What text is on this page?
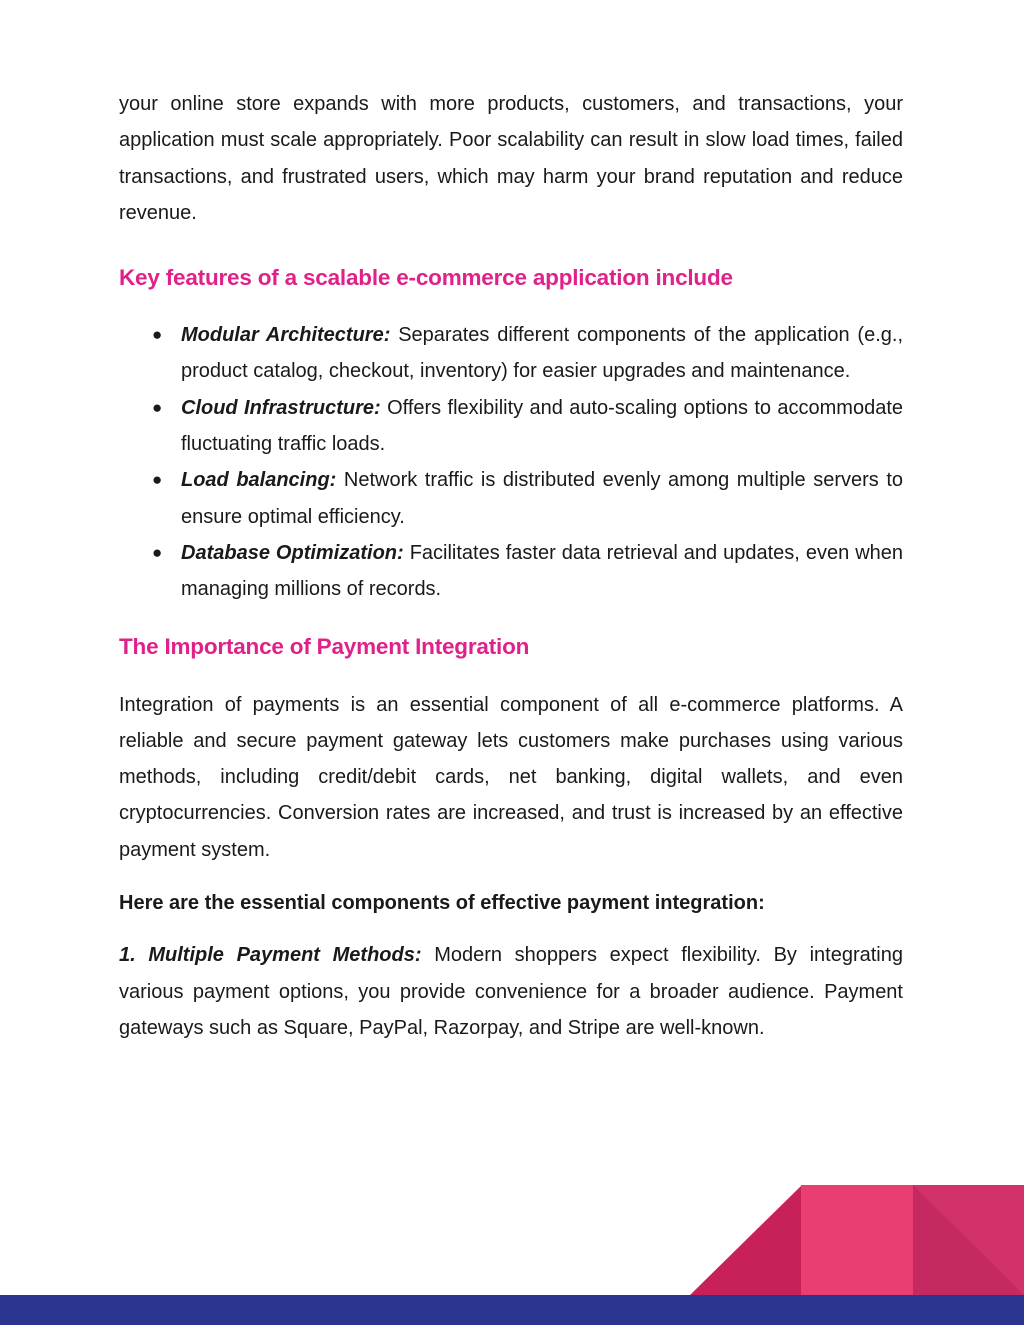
your online store expands with more products, customers, and transactions, your application must scale appropriately. Poor scalability can result in slow load times, failed transactions, and frustrated users, which may harm your brand reputation and reduce revenue.

Key features of a scalable e-commerce application include
● Modular Architecture: Separates different components of the application (e.g., product catalog, checkout, inventory) for easier upgrades and maintenance.
● Cloud Infrastructure: Offers flexibility and auto-scaling options to accommodate fluctuating traffic loads.
● Load balancing: Network traffic is distributed evenly among multiple servers to ensure optimal efficiency.
● Database Optimization: Facilitates faster data retrieval and updates, even when managing millions of records.
The Importance of Payment Integration

Integration of payments is an essential component of all e-commerce platforms. A reliable and secure payment gateway lets customers make purchases using various methods, including credit/debit cards, net banking, digital wallets, and even cryptocurrencies. Conversion rates are increased, and trust is increased by an effective payment system.

Here are the essential components of effective payment integration:

1. Multiple Payment Methods: Modern shoppers expect flexibility. By integrating various payment options, you provide convenience for a broader audience. Payment gateways such as Square, PayPal, Razorpay, and Stripe are well-known.
